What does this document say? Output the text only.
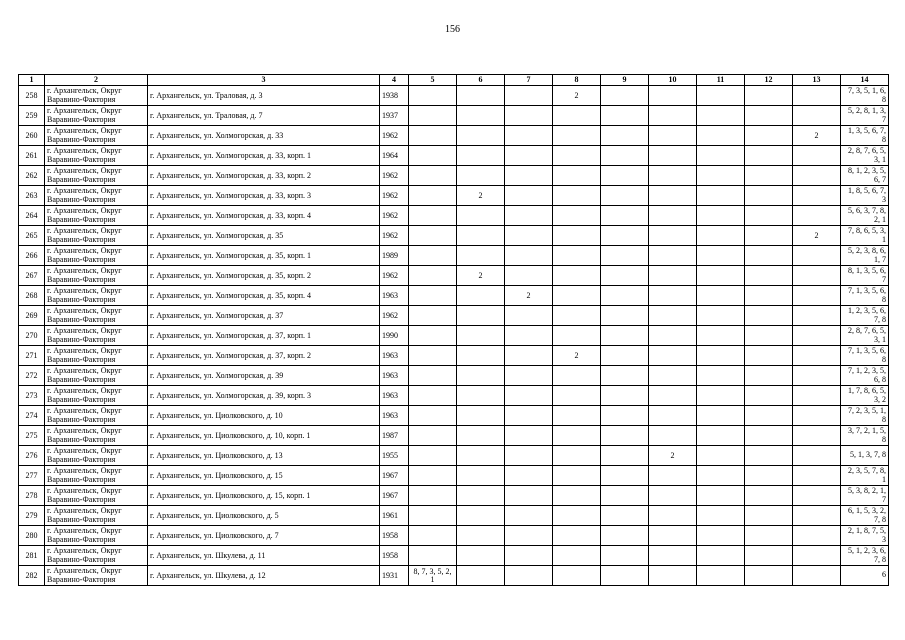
156
1	2	3	4	5	6	7	8	9	10	11	12	13	14
258	г. Архангельск, Округ Варавино-Фактория	г. Архангельск, ул. Траловая, д. 3	1938				2						7, 3, 5, 1, 6, 8
259	г. Архангельск, Округ Варавино-Фактория	г. Архангельск, ул. Траловая, д. 7	1937										5, 2, 8, 1, 3, 7
260	г. Архангельск, Округ Варавино-Фактория	г. Архангельск, ул. Холмогорская, д. 33	1962									2	1, 3, 5, 6, 7, 8
261	г. Архангельск, Округ Варавино-Фактория	г. Архангельск, ул. Холмогорская, д. 33, корп. 1	1964										2, 8, 7, 6, 5, 3, 1
262	г. Архангельск, Округ Варавино-Фактория	г. Архангельск, ул. Холмогорская, д. 33, корп. 2	1962										8, 1, 2, 3, 5, 6, 7
263	г. Архангельск, Округ Варавино-Фактория	г. Архангельск, ул. Холмогорская, д. 33, корп. 3	1962		2								1, 8, 5, 6, 7, 3
264	г. Архангельск, Округ Варавино-Фактория	г. Архангельск, ул. Холмогорская, д. 33, корп. 4	1962										5, 6, 3, 7, 8, 2, 1
265	г. Архангельск, Округ Варавино-Фактория	г. Архангельск, ул. Холмогорская, д. 35	1962									2	7, 8, 6, 5, 3, 1
266	г. Архангельск, Округ Варавино-Фактория	г. Архангельск, ул. Холмогорская, д. 35, корп. 1	1989										5, 2, 3, 8, 6, 1, 7
267	г. Архангельск, Округ Варавино-Фактория	г. Архангельск, ул. Холмогорская, д. 35, корп. 2	1962		2								8, 1, 3, 5, 6, 7
268	г. Архангельск, Округ Варавино-Фактория	г. Архангельск, ул. Холмогорская, д. 35, корп. 4	1963			2							7, 1, 3, 5, 6, 8
269	г. Архангельск, Округ Варавино-Фактория	г. Архангельск, ул. Холмогорская, д. 37	1962										1, 2, 3, 5, 6, 7, 8
270	г. Архангельск, Округ Варавино-Фактория	г. Архангельск, ул. Холмогорская, д. 37, корп. 1	1990										2, 8, 7, 6, 5, 3, 1
271	г. Архангельск, Округ Варавино-Фактория	г. Архангельск, ул. Холмогорская, д. 37, корп. 2	1963				2						7, 1, 3, 5, 6, 8
272	г. Архангельск, Округ Варавино-Фактория	г. Архангельск, ул. Холмогорская, д. 39	1963										7, 1, 2, 3, 5, 6, 8
273	г. Архангельск, Округ Варавино-Фактория	г. Архангельск, ул. Холмогорская, д. 39, корп. 3	1963										1, 7, 8, 6, 5, 3, 2
274	г. Архангельск, Округ Варавино-Фактория	г. Архангельск, ул. Циолковского, д. 10	1963										7, 2, 3, 5, 1, 8
275	г. Архангельск, Округ Варавино-Фактория	г. Архангельск, ул. Циолковского, д. 10, корп. 1	1987										3, 7, 2, 1, 5, 8
276	г. Архангельск, Округ Варавино-Фактория	г. Архангельск, ул. Циолковского, д. 13	1955						2				5, 1, 3, 7, 8
277	г. Архангельск, Округ Варавино-Фактория	г. Архангельск, ул. Циолковского, д. 15	1967										2, 3, 5, 7, 8, 1
278	г. Архангельск, Округ Варавино-Фактория	г. Архангельск, ул. Циолковского, д. 15, корп. 1	1967										5, 3, 8, 2, 1, 7
279	г. Архангельск, Округ Варавино-Фактория	г. Архангельск, ул. Циолковского, д. 5	1961										6, 1, 5, 3, 2, 7, 8
280	г. Архангельск, Округ Варавино-Фактория	г. Архангельск, ул. Циолковского, д. 7	1958										2, 1, 8, 7, 5, 3
281	г. Архангельск, Округ Варавино-Фактория	г. Архангельск, ул. Шкулева, д. 11	1958										5, 1, 2, 3, 6, 7, 8
282	г. Архангельск, Округ Варавино-Фактория	г. Архангельск, ул. Шкулева, д. 12	1931	8, 7, 3, 5, 2, 1									6
